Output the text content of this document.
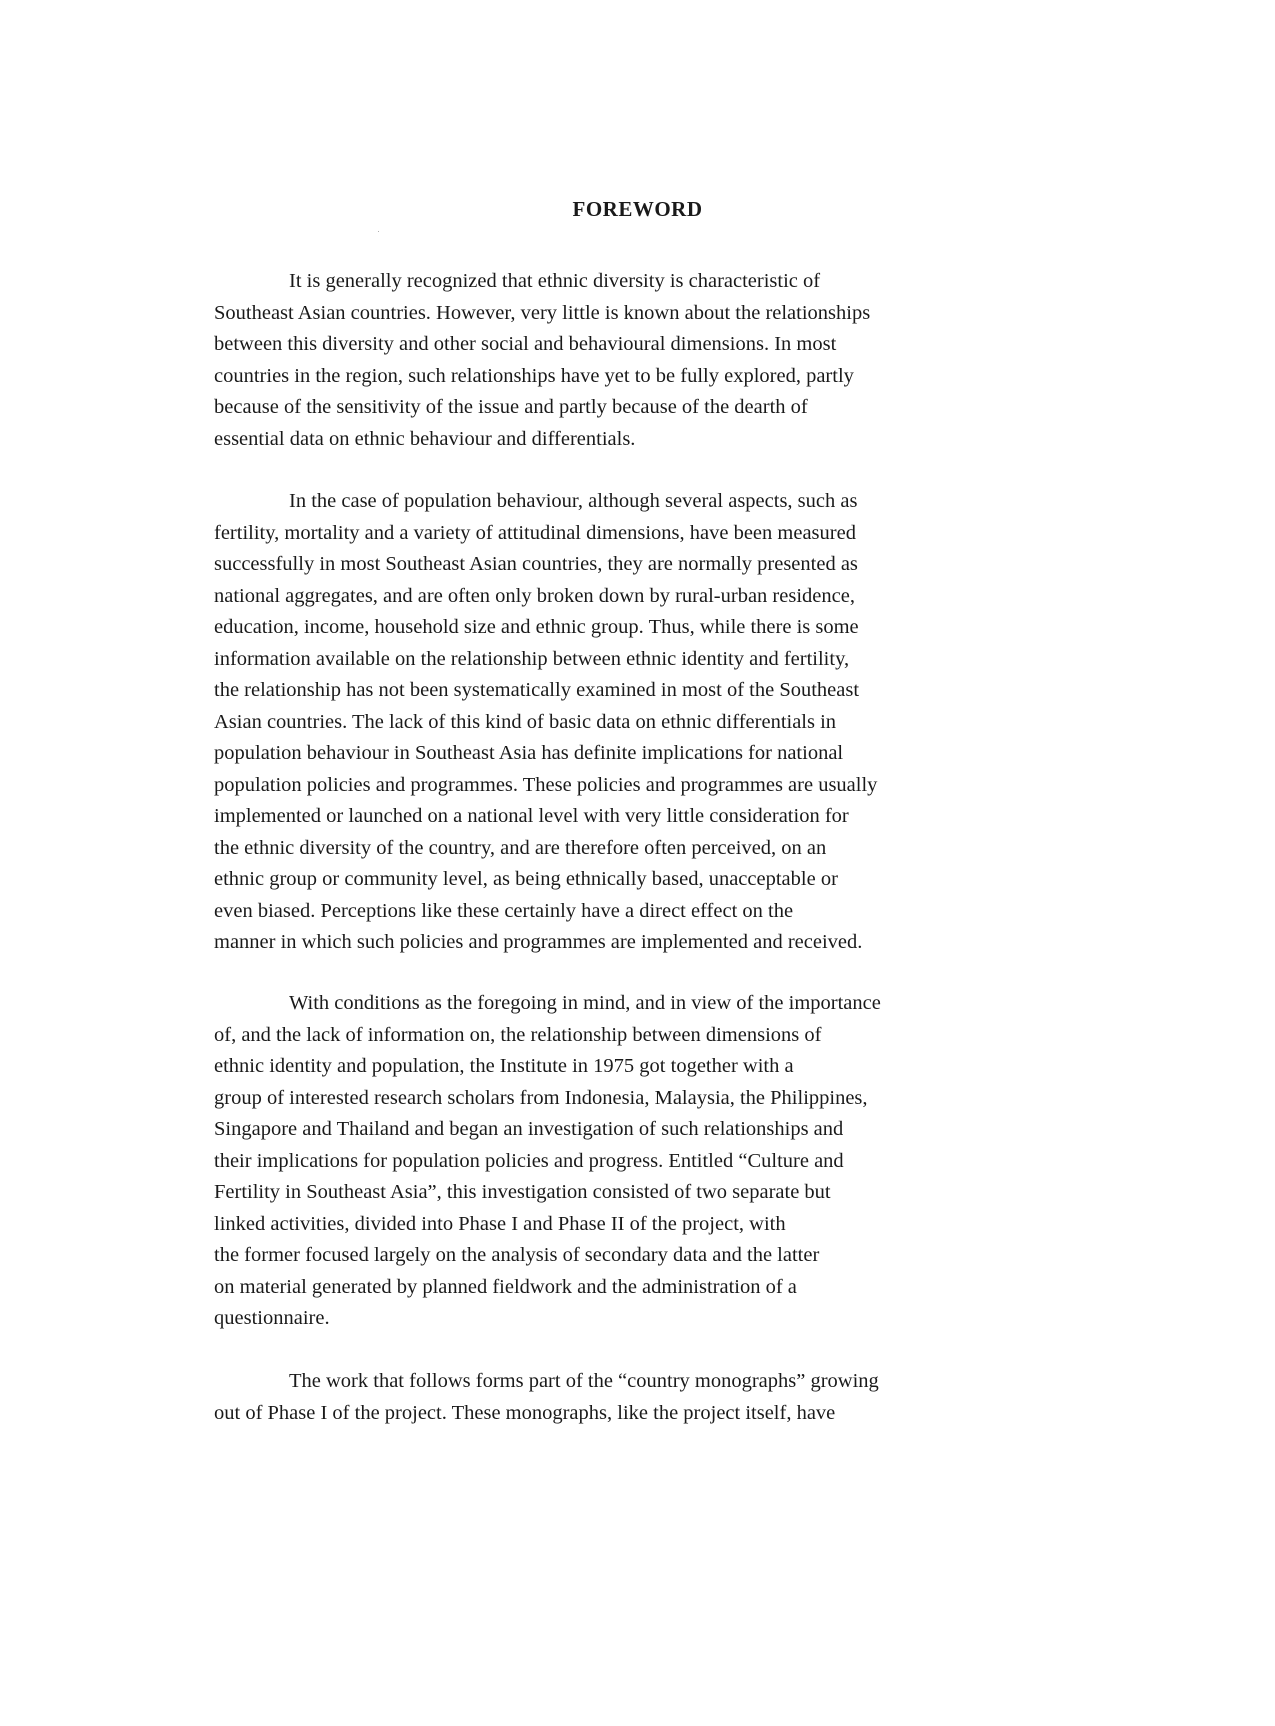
FOREWORD
It is generally recognized that ethnic diversity is characteristic of
Southeast Asian countries. However, very little is known about the relationships
between this diversity and other social and behavioural dimensions. In most
countries in the region, such relationships have yet to be fully explored, partly
because of the sensitivity of the issue and partly because of the dearth of
essential data on ethnic behaviour and differentials.
In the case of population behaviour, although several aspects, such as
fertility, mortality and a variety of attitudinal dimensions, have been measured
successfully in most Southeast Asian countries, they are normally presented as
national aggregates, and are often only broken down by rural-urban residence,
education, income, household size and ethnic group. Thus, while there is some
information available on the relationship between ethnic identity and fertility,
the relationship has not been systematically examined in most of the Southeast
Asian countries. The lack of this kind of basic data on ethnic differentials in
population behaviour in Southeast Asia has definite implications for national
population policies and programmes. These policies and programmes are usually
implemented or launched on a national level with very little consideration for
the ethnic diversity of the country, and are therefore often perceived, on an
ethnic group or community level, as being ethnically based, unacceptable or
even biased. Perceptions like these certainly have a direct effect on the
manner in which such policies and programmes are implemented and received.
With conditions as the foregoing in mind, and in view of the importance
of, and the lack of information on, the relationship between dimensions of
ethnic identity and population, the Institute in 1975 got together with a
group of interested research scholars from Indonesia, Malaysia, the Philippines,
Singapore and Thailand and began an investigation of such relationships and
their implications for population policies and progress. Entitled “Culture and
Fertility in Southeast Asia”, this investigation consisted of two separate but
linked activities, divided into Phase I and Phase II of the project, with
the former focused largely on the analysis of secondary data and the latter
on material generated by planned fieldwork and the administration of a
questionnaire.
The work that follows forms part of the “country monographs” growing
out of Phase I of the project. These monographs, like the project itself, have
